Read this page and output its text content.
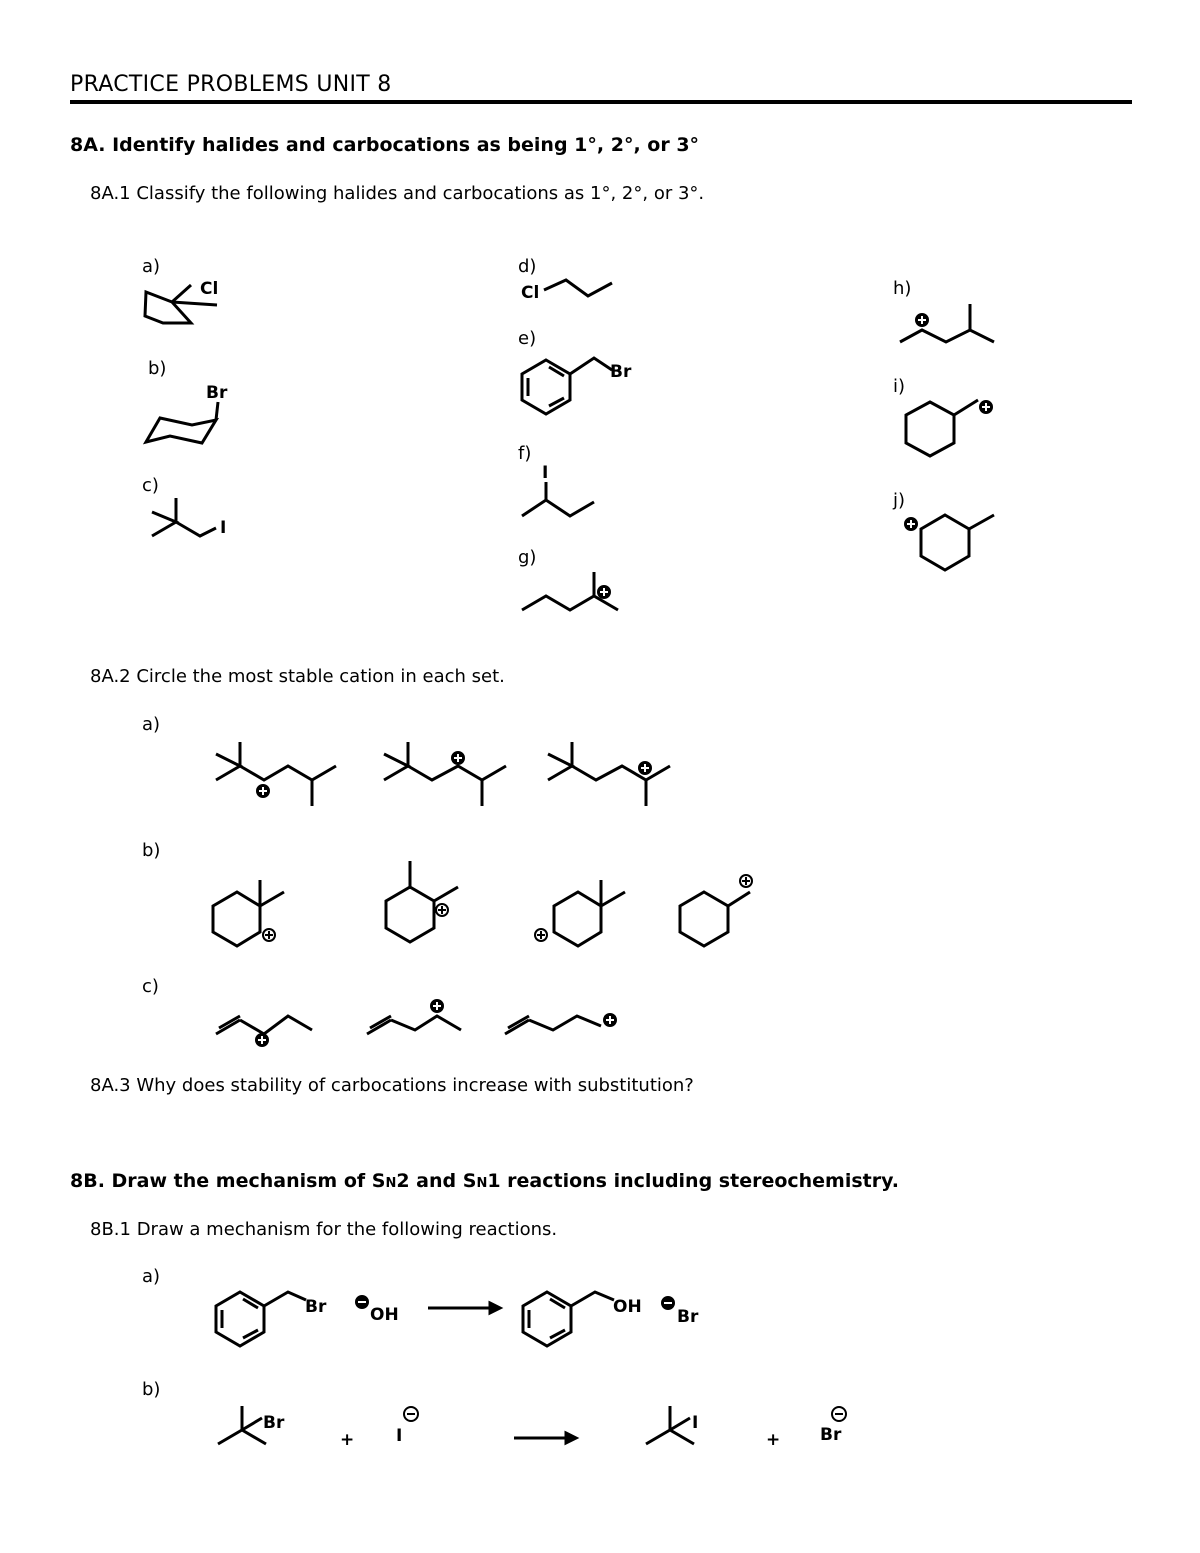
PRACTICE PROBLEMS UNIT 8
8A. Identify halides and carbocations as being 1°, 2°, or 3°
8A.1 Classify the following halides and carbocations as 1°, 2°, or 3°.
a)
b)
c)
d)
e)
f)
g)
h)
i)
j)
8A.2 Circle the most stable cation in each set.
a)
b)
c)
8A.3 Why does stability of carbocations increase with substitution?
8B. Draw the mechanism of SN2 and SN1 reactions including stereochemistry.
8B.1 Draw a mechanism for the following reactions.
a)
b)
Cl
Br
I
Cl
Br
I
Br	OH	OH Br
Br
+ I
I
+ Br
